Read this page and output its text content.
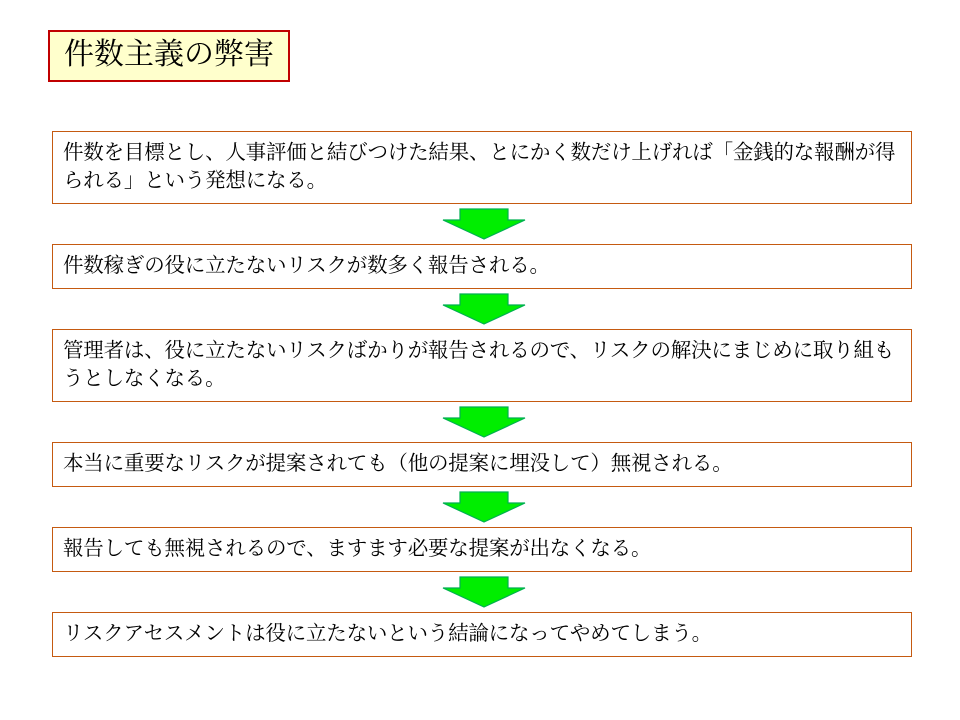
件数主義の弊害
件数を目標とし、人事評価と結びつけた結果、とにかく数だけ上げれば「金銭的な報酬が得られる」という発想になる。
件数稼ぎの役に立たないリスクが数多く報告される。
管理者は、役に立たないリスクばかりが報告されるので、リスクの解決にまじめに取り組もうとしなくなる。
本当に重要なリスクが提案されても（他の提案に埋没して）無視される。
報告しても無視されるので、ますます必要な提案が出なくなる。
リスクアセスメントは役に立たないという結論になってやめてしまう。
